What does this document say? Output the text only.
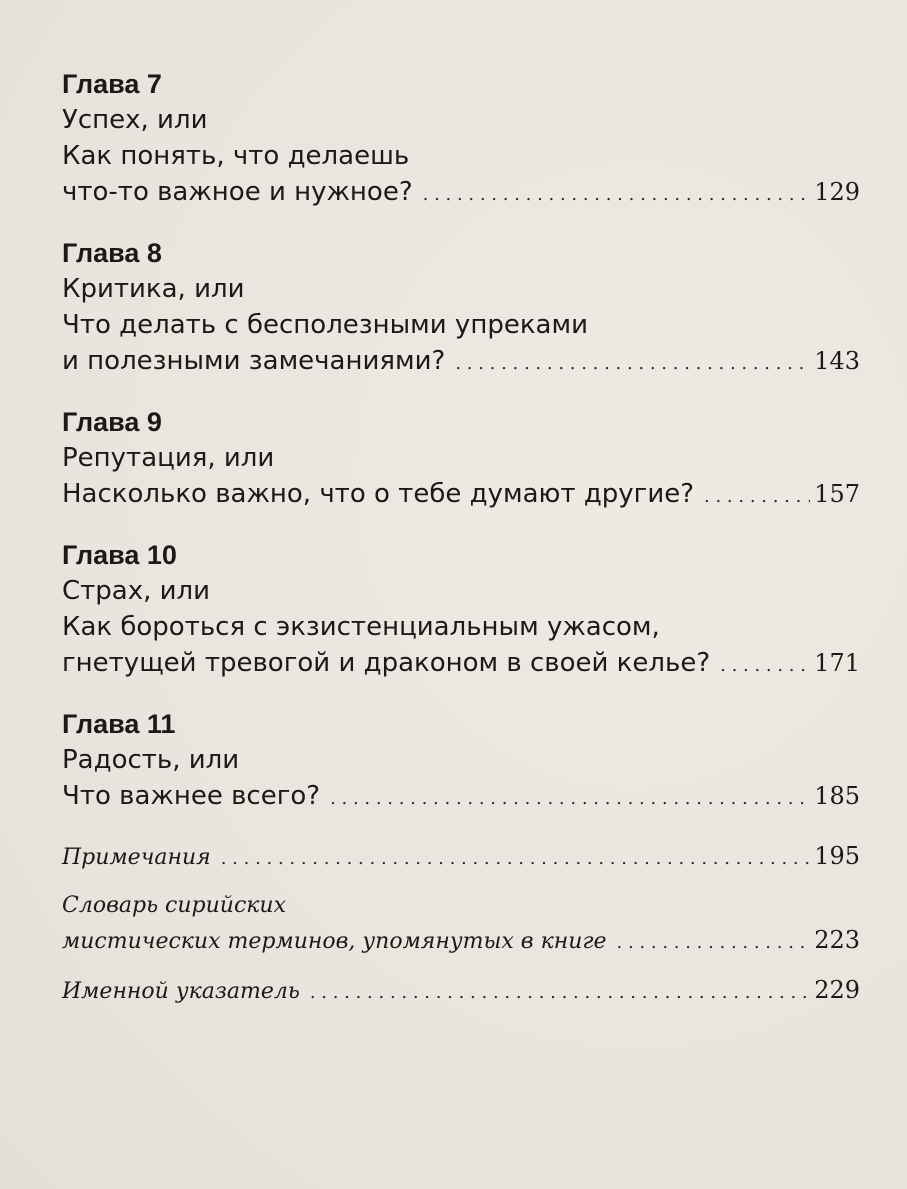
Глава 7
Успех, или
Как понять, что делаешь
что-то важное и нужное? . . .	129
Глава 8
Критика, или
Что делать с бесполезными упреками
и полезными замечаниями? . . .	143
Глава 9
Репутация, или
Насколько важно, что о тебе думают другие? . . .	157
Глава 10
Страх, или
Как бороться с экзистенциальным ужасом,
гнетущей тревогой и драконом в своей келье? . . .	171
Глава 11
Радость, или
Что важнее всего? . . .	185
Примечания . . .	195
Словарь сирийских
мистических терминов, упомянутых в книге . . .	223
Именной указатель . . .	229
